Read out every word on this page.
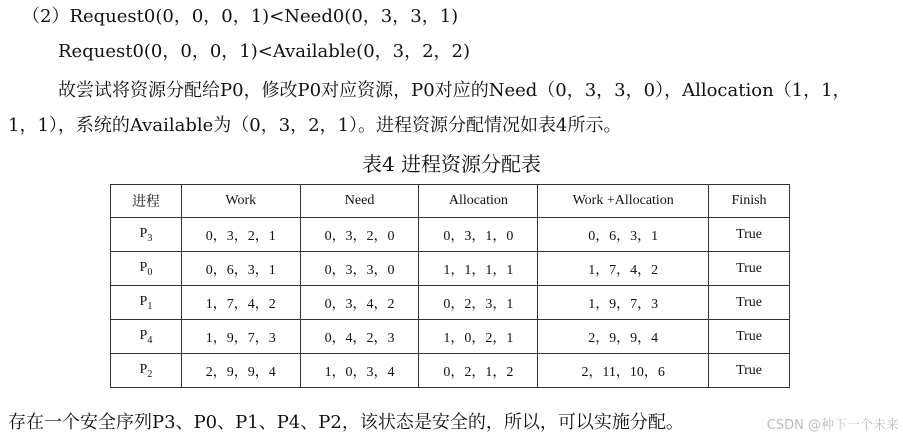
（2）Request0(0，0，0，1)<Need0(0，3，3，1)
Request0(0，0，0，1)<Available(0，3，2，2)
故尝试将资源分配给P0，修改P0对应资源，P0对应的Need（0，3，3，0），Allocation（1，1，
1，1），系统的Available为（0，3，2，1）。进程资源分配情况如表4所示。
表4 进程资源分配表
进程	Work	Need	Allocation	Work +Allocation	Finish
$P_3$	0，3，2，1	0，3，2，0	0，3，1，0	0，6，3，1	True
$P_0$	0，6，3，1	0，3，3，0	1，1，1，1	1，7，4，2	True
$P_1$	1，7，4，2	0，3，4，2	0，2，3，1	1，9，7，3	True
$P_4$	1，9，7，3	0，4，2，3	1，0，2，1	2，9，9，4	True
$P_2$	2，9，9，4	1，0，3，4	0，2，1，2	2，11，10，6	True
存在一个安全序列P3、P0、P1、P4、P2，该状态是安全的，所以，可以实施分配。	CSDN @种下一个未来
